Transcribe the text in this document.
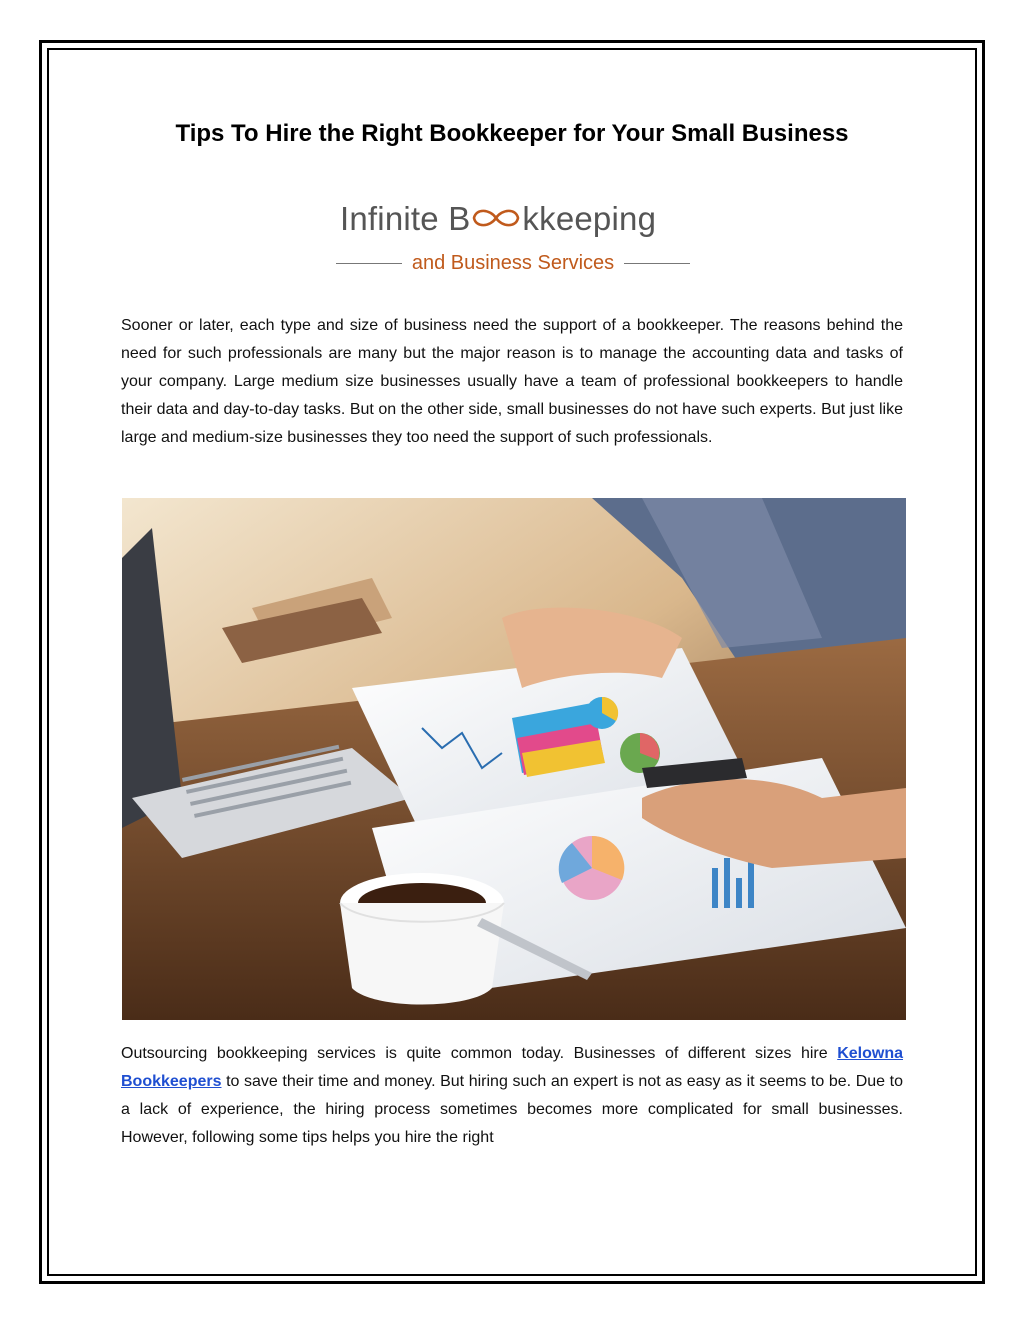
Tips To Hire the Right Bookkeeper for Your Small Business
Infinite B kkeeping
and Business Services

Sooner or later, each type and size of business need the support of a bookkeeper. The reasons behind the need for such professionals are many but the major reason is to manage the accounting data and tasks of your company. Large medium size businesses usually have a team of professional bookkeepers to handle their data and day-to-day tasks. But on the other side, small businesses do not have such experts. But just like large and medium-size businesses they too need the support of such professionals.

Outsourcing bookkeeping services is quite common today. Businesses of different sizes hire Kelowna Bookkeepers to save their time and money. But hiring such an expert is not as easy as it seems to be. Due to a lack of experience, the hiring process sometimes becomes more complicated for small businesses. However, following some tips helps you hire the right
